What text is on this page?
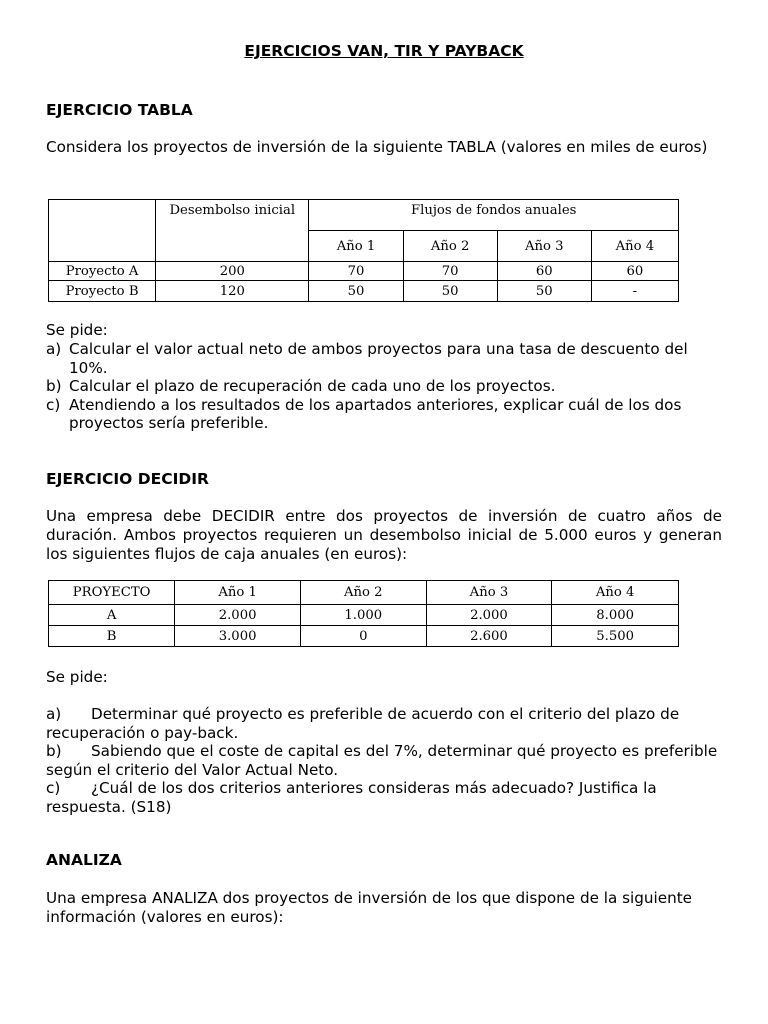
EJERCICIOS VAN, TIR Y PAYBACK
EJERCICIO TABLA
Considera los proyectos de inversión de la siguiente TABLA (valores en miles de euros)
	Desembolso inicial	Flujos de fondos anuales			
		Año 1	Año 2	Año 3	Año 4
Proyecto A	200	70	70	60	60
Proyecto B	120	50	50	50	-
Se pide:
a) Calcular el valor actual neto de ambos proyectos para una tasa de descuento del 10%.
b) Calcular el plazo de recuperación de cada uno de los proyectos.
c) Atendiendo a los resultados de los apartados anteriores, explicar cuál de los dos proyectos sería preferible.
EJERCICIO DECIDIR
Una empresa debe DECIDIR entre dos proyectos de inversión de cuatro años de duración. Ambos proyectos requieren un desembolso inicial de 5.000 euros y generan los siguientes flujos de caja anuales (en euros):
PROYECTO	Año 1	Año 2	Año 3	Año 4
A	2.000	1.000	2.000	8.000
B	3.000	0	2.600	5.500
Se pide:
a) Determinar qué proyecto es preferible de acuerdo con el criterio del plazo de recuperación o pay-back.
b) Sabiendo que el coste de capital es del 7%, determinar qué proyecto es preferible según el criterio del Valor Actual Neto.
c) ¿Cuál de los dos criterios anteriores consideras más adecuado? Justifica la respuesta. (S18)
ANALIZA
Una empresa ANALIZA dos proyectos de inversión de los que dispone de la siguiente información (valores en euros):
